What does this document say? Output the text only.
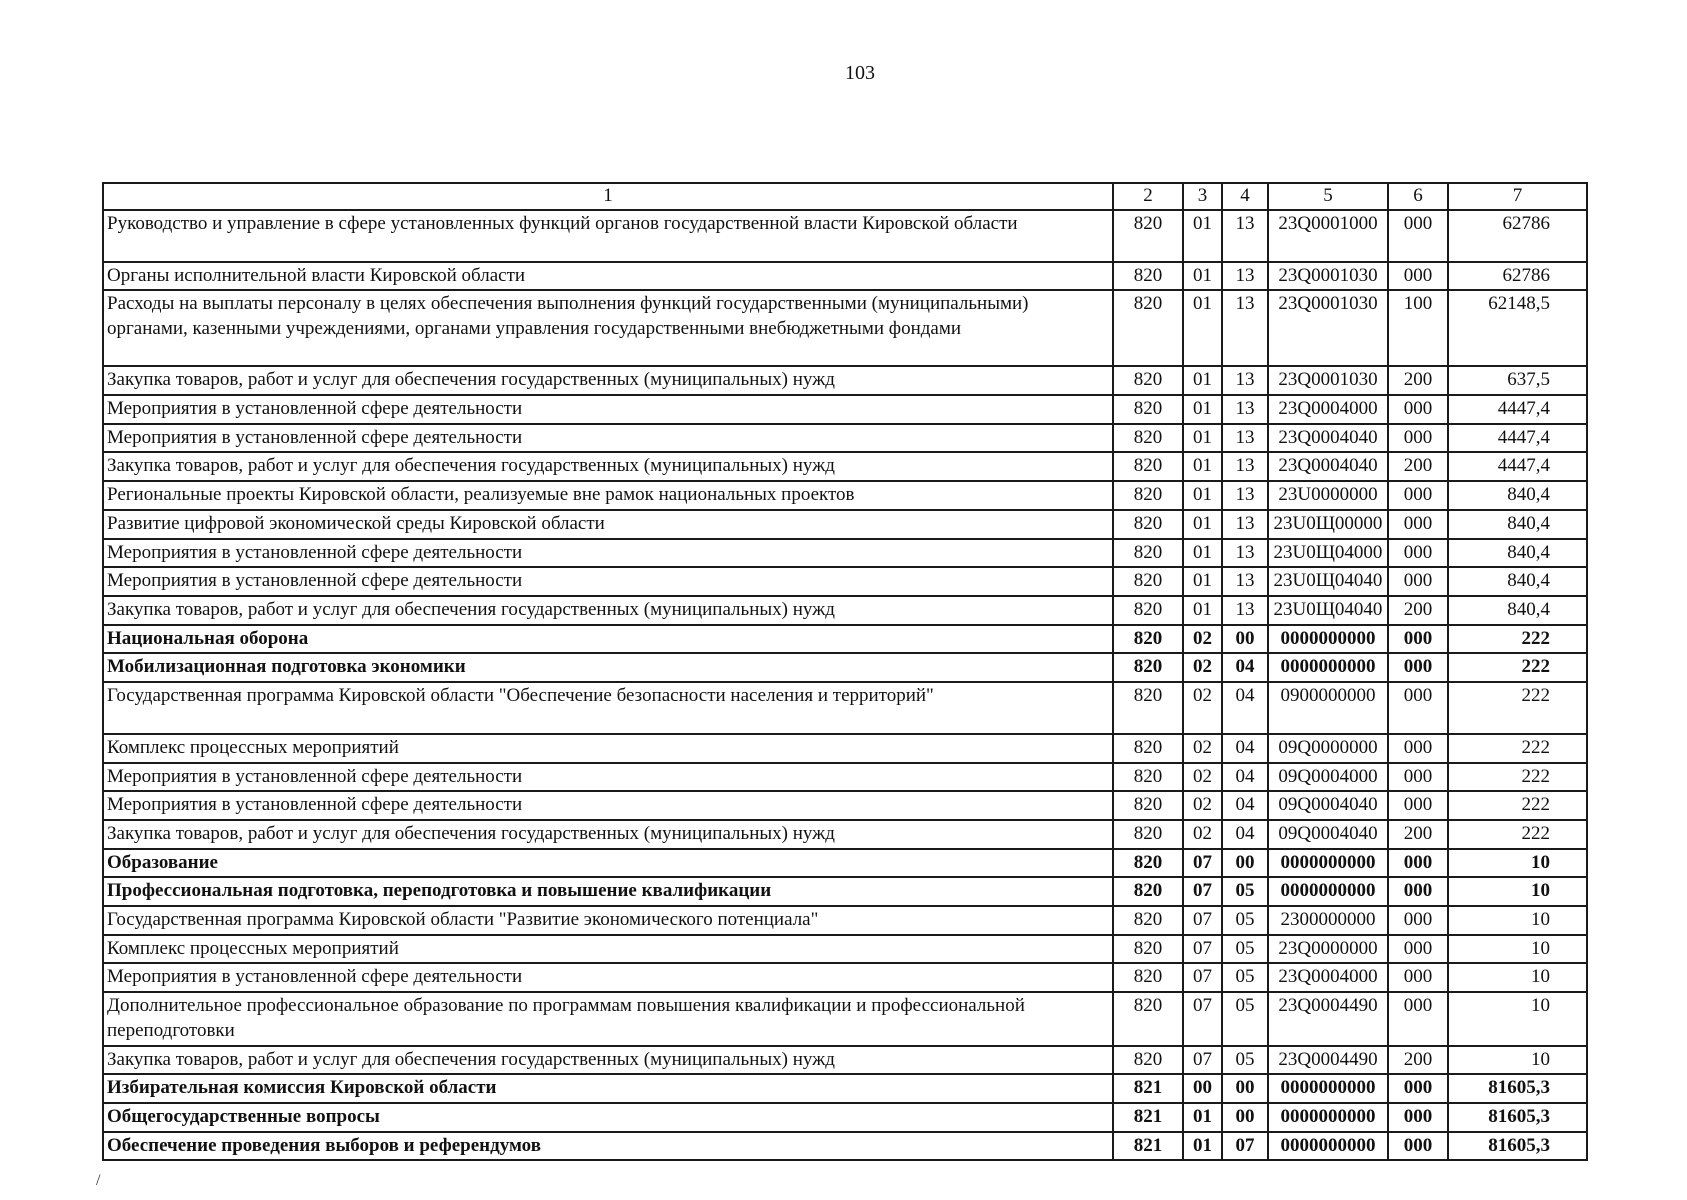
103
1	2	3	4	5	6	7
Руководство и управление в сфере установленных функций органов государственной власти Кировской области	820	01	13	23Q0001000	000	62786
Органы исполнительной власти Кировской области	820	01	13	23Q0001030	000	62786
Расходы на выплаты персоналу в целях обеспечения выполнения функций государственными (муниципальными) органами, казенными учреждениями, органами управления государственными внебюджетными фондами	820	01	13	23Q0001030	100	62148,5
Закупка товаров, работ и услуг для обеспечения государственных (муниципальных) нужд	820	01	13	23Q0001030	200	637,5
Мероприятия в установленной сфере деятельности	820	01	13	23Q0004000	000	4447,4
Мероприятия в установленной сфере деятельности	820	01	13	23Q0004040	000	4447,4
Закупка товаров, работ и услуг для обеспечения государственных (муниципальных) нужд	820	01	13	23Q0004040	200	4447,4
Региональные проекты Кировской области, реализуемые вне рамок национальных проектов	820	01	13	23U0000000	000	840,4
Развитие цифровой экономической среды Кировской области	820	01	13	23U0Щ00000	000	840,4
Мероприятия в установленной сфере деятельности	820	01	13	23U0Щ04000	000	840,4
Мероприятия в установленной сфере деятельности	820	01	13	23U0Щ04040	000	840,4
Закупка товаров, работ и услуг для обеспечения государственных (муниципальных) нужд	820	01	13	23U0Щ04040	200	840,4
Национальная оборона	820	02	00	0000000000	000	222
Мобилизационная подготовка экономики	820	02	04	0000000000	000	222
Государственная программа Кировской области "Обеспечение безопасности населения и территорий"	820	02	04	0900000000	000	222
Комплекс процессных мероприятий	820	02	04	09Q0000000	000	222
Мероприятия в установленной сфере деятельности	820	02	04	09Q0004000	000	222
Мероприятия в установленной сфере деятельности	820	02	04	09Q0004040	000	222
Закупка товаров, работ и услуг для обеспечения государственных (муниципальных) нужд	820	02	04	09Q0004040	200	222
Образование	820	07	00	0000000000	000	10
Профессиональная подготовка, переподготовка и повышение квалификации	820	07	05	0000000000	000	10
Государственная программа Кировской области "Развитие экономического потенциала"	820	07	05	2300000000	000	10
Комплекс процессных мероприятий	820	07	05	23Q0000000	000	10
Мероприятия в установленной сфере деятельности	820	07	05	23Q0004000	000	10
Дополнительное профессиональное образование по программам повышения квалификации и профессиональной переподготовки	820	07	05	23Q0004490	000	10
Закупка товаров, работ и услуг для обеспечения государственных (муниципальных) нужд	820	07	05	23Q0004490	200	10
Избирательная комиссия Кировской области	821	00	00	0000000000	000	81605,3
Общегосударственные вопросы	821	01	00	0000000000	000	81605,3
Обеспечение проведения выборов и референдумов	821	01	07	0000000000	000	81605,3
/
